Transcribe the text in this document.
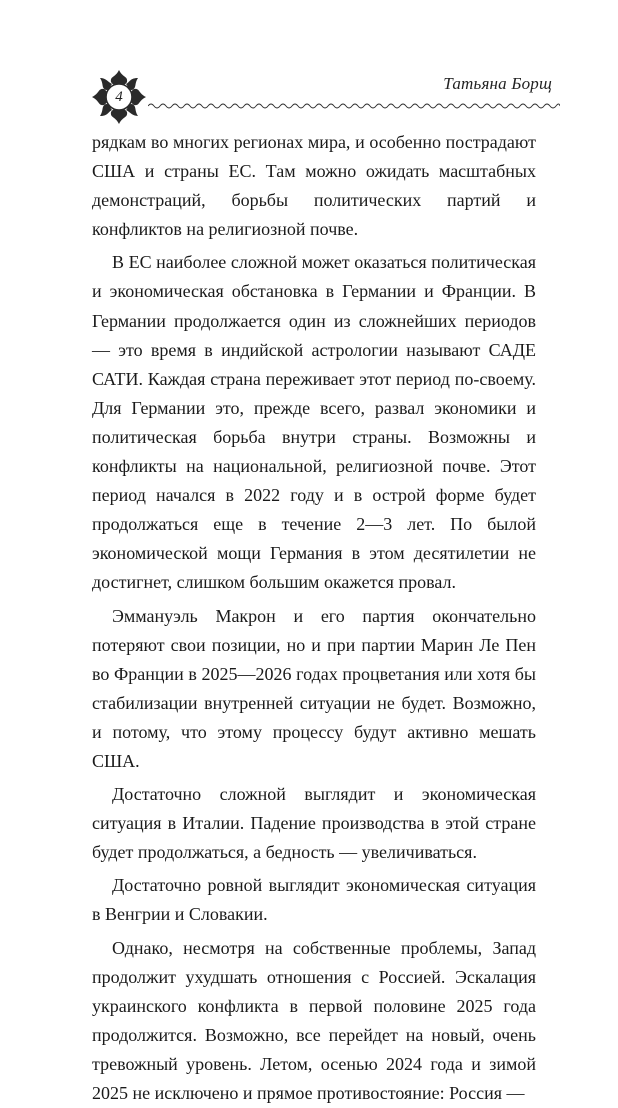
4
Татьяна Борщ

рядкам во многих регионах мира, и особенно пострадают США и страны ЕС. Там можно ожидать масштабных демонстраций, борьбы политических партий и конфликтов на религиозной почве.

В ЕС наиболее сложной может оказаться политическая и экономическая обстановка в Германии и Франции. В Германии продолжается один из сложнейших периодов — это время в индийской астрологии называют САДЕ САТИ. Каждая страна переживает этот период по-своему. Для Германии это, прежде всего, развал экономики и политическая борьба внутри страны. Возможны и конфликты на национальной, религиозной почве. Этот период начался в 2022 году и в острой форме будет продолжаться еще в течение 2—3 лет. По былой экономической мощи Германия в этом десятилетии не достигнет, слишком большим окажется провал.

Эммануэль Макрон и его партия окончательно потеряют свои позиции, но и при партии Марин Ле Пен во Франции в 2025—2026 годах процветания или хотя бы стабилизации внутренней ситуации не будет. Возможно, и потому, что этому процессу будут активно мешать США.

Достаточно сложной выглядит и экономическая ситуация в Италии. Падение производства в этой стране будет продолжаться, а бедность — увеличиваться.

Достаточно ровной выглядит экономическая ситуация в Венгрии и Словакии.

Однако, несмотря на собственные проблемы, Запад продолжит ухудшать отношения с Россией. Эскалация украинского конфликта в первой половине 2025 года продолжится. Возможно, все перейдет на новый, очень тревожный уровень. Летом, осенью 2024 года и зимой 2025 не исключено и прямое противостояние: Россия —
